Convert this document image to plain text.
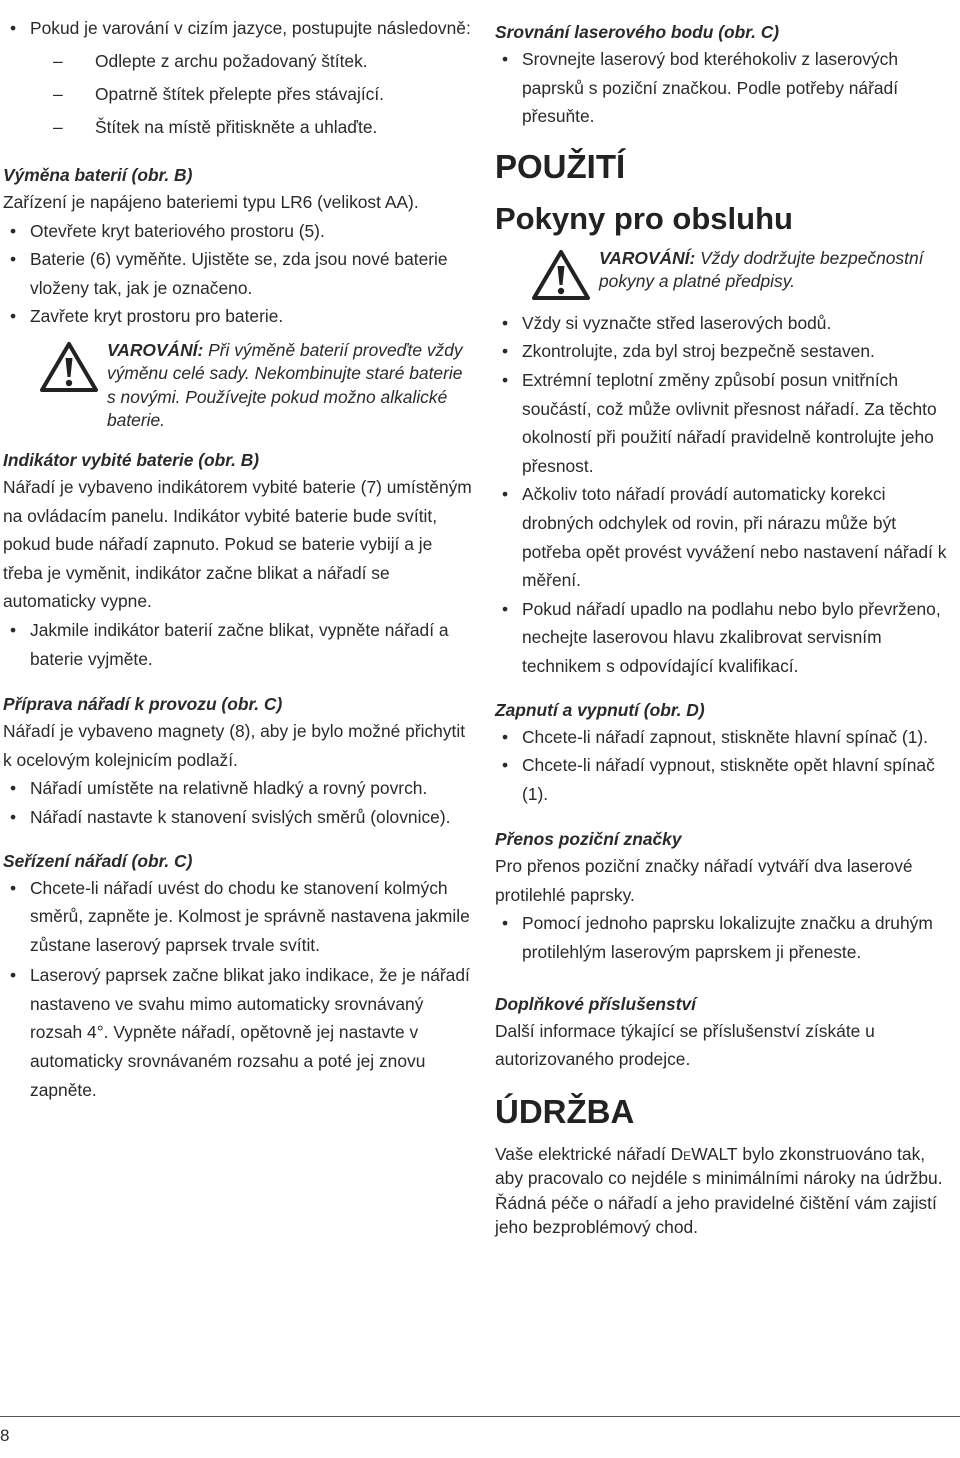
• Pokud je varování v cizím jazyce, postupujte následovně:
– Odlepte z archu požadovaný štítek.
– Opatrně štítek přelepte přes stávající.
– Štítek na místě přitiskněte a uhlaďte.
Výměna baterií (obr. B)

Zařízení je napájeno bateriemi typu LR6 (velikost AA).

• Otevřete kryt bateriového prostoru (5).
• Baterie (6) vyměňte. Ujistěte se, zda jsou nové baterie vloženy tak, jak je označeno.
• Zavřete kryt prostoru pro baterie.
VAROVÁNÍ: Při výměně baterií proveďte vždy výměnu celé sady. Nekombinujte staré baterie s novými. Používejte pokud možno alkalické baterie.
Indikátor vybité baterie (obr. B)

Nářadí je vybaveno indikátorem vybité baterie (7) umístěným na ovládacím panelu. Indikátor vybité baterie bude svítit, pokud bude nářadí zapnuto. Pokud se baterie vybijí a je třeba je vyměnit, indikátor začne blikat a nářadí se automaticky vypne.

• Jakmile indikátor baterií začne blikat, vypněte nářadí a baterie vyjměte.
Příprava nářadí k provozu (obr. C)

Nářadí je vybaveno magnety (8), aby je bylo možné přichytit k ocelovým kolejnicím podlaží.

• Nářadí umístěte na relativně hladký a rovný povrch.
• Nářadí nastavte k stanovení svislých směrů (olovnice).
Seřízení nářadí (obr. C)
• Chcete-li nářadí uvést do chodu ke stanovení kolmých směrů, zapněte je. Kolmost je správně nastavena jakmile zůstane laserový paprsek trvale svítit.
• Laserový paprsek začne blikat jako indikace, že je nářadí nastaveno ve svahu mimo automaticky srovnávaný rozsah 4°. Vypněte nářadí, opětovně jej nastavte v automaticky srovnávaném rozsahu a poté jej znovu zapněte.
Srovnání laserového bodu (obr. C)
• Srovnejte laserový bod kteréhokoliv z laserových paprsků s poziční značkou. Podle potřeby nářadí přesuňte.
POUŽITÍ
Pokyny pro obsluhu
VAROVÁNÍ: Vždy dodržujte bezpečnostní pokyny a platné předpisy.
• Vždy si vyznačte střed laserových bodů.
• Zkontrolujte, zda byl stroj bezpečně sestaven.
• Extrémní teplotní změny způsobí posun vnitřních součástí, což může ovlivnit přesnost nářadí. Za těchto okolností při použití nářadí pravidelně kontrolujte jeho přesnost.
• Ačkoliv toto nářadí provádí automaticky korekci drobných odchylek od rovin, při nárazu může být potřeba opět provést vyvážení nebo nastavení nářadí k měření.
• Pokud nářadí upadlo na podlahu nebo bylo převrženo, nechejte laserovou hlavu zkalibrovat servisním technikem s odpovídající kvalifikací.
Zapnutí a vypnutí (obr. D)
• Chcete-li nářadí zapnout, stiskněte hlavní spínač (1).
• Chcete-li nářadí vypnout, stiskněte opět hlavní spínač (1).
Přenos poziční značky

Pro přenos poziční značky nářadí vytváří dva laserové protilehlé paprsky.

• Pomocí jednoho paprsku lokalizujte značku a druhým protilehlým laserovým paprskem ji přeneste.
Doplňkové příslušenství

Další informace týkající se příslušenství získáte u autorizovaného prodejce.

ÚDRŽBA

Vaše elektrické nářadí DeWALT bylo zkonstruováno tak, aby pracovalo co nejdéle s minimálními nároky na údržbu. Řádná péče o nářadí a jeho pravidelné čištění vám zajistí jeho bezproblémový chod.

8
